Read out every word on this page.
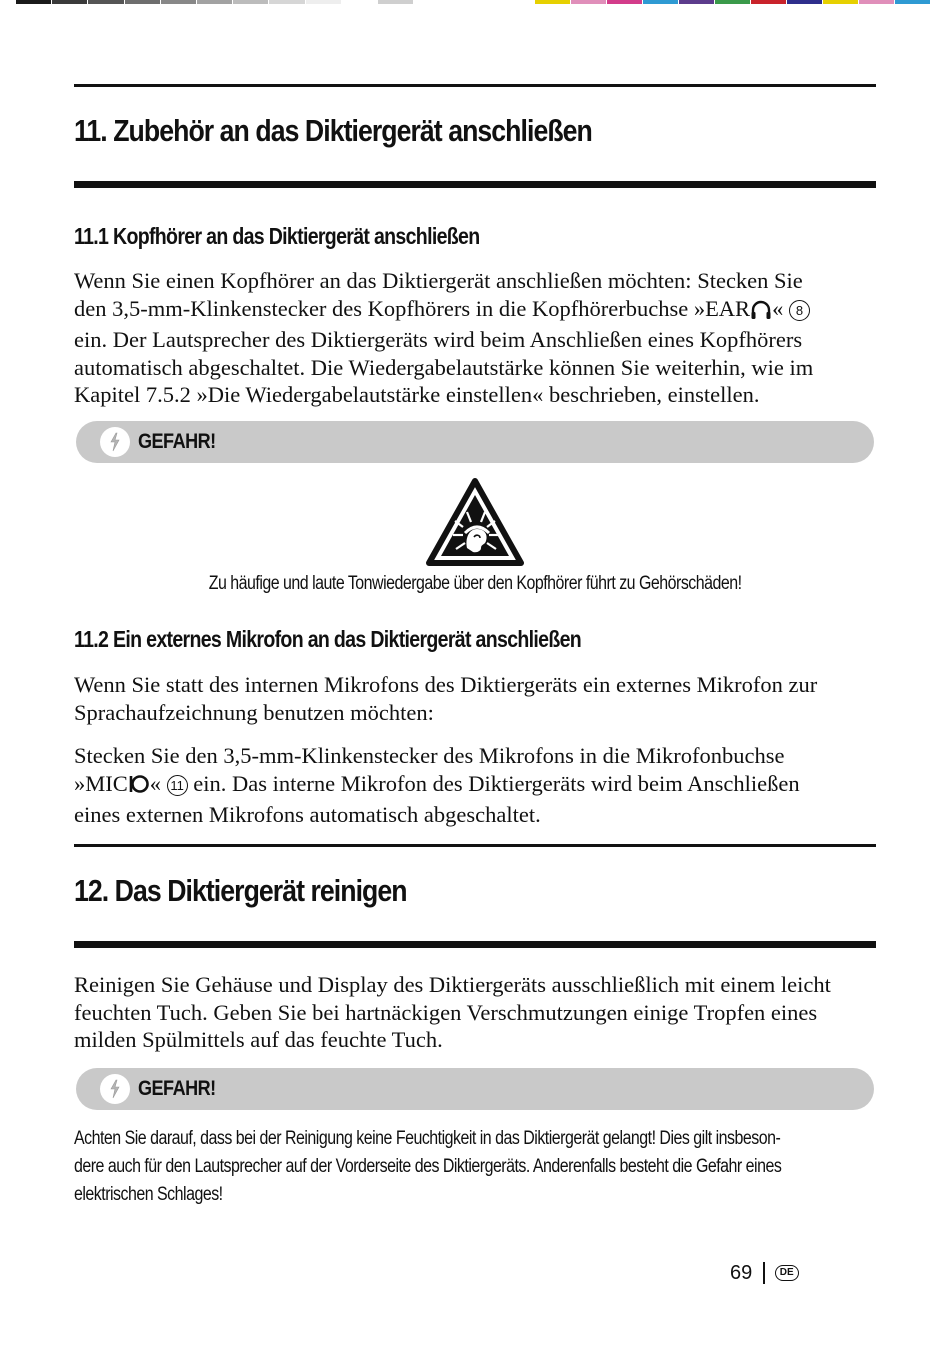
11. Zubehör an das Diktiergerät anschließen
11.1 Kopfhörer an das Diktiergerät anschließen

Wenn Sie einen Kopfhörer an das Diktiergerät anschließen möchten: Stecken Sie
den 3,5-mm-Klinkenstecker des Kopfhörers in die Kopfhörerbuchse »EAR « 8
ein. Der Lautsprecher des Diktiergeräts wird beim Anschließen eines Kopfhörers
automatisch abgeschaltet. Die Wiedergabelautstärke können Sie weiterhin, wie im
Kapitel 7.5.2 »Die Wiedergabelautstärke einstellen« beschrieben, einstellen.

GEFAHR!

Zu häufige und laute Tonwiedergabe über den Kopfhörer führt zu Gehörschäden!

11.2 Ein externes Mikrofon an das Diktiergerät anschließen

Wenn Sie statt des internen Mikrofons des Diktiergeräts ein externes Mikrofon zur
Sprachaufzeichnung benutzen möchten:

Stecken Sie den 3,5-mm-Klinkenstecker des Mikrofons in die Mikrofonbuchse
»MIC « 11 ein. Das interne Mikrofon des Diktiergeräts wird beim Anschließen
eines externen Mikrofons automatisch abgeschaltet.

12. Das Diktiergerät reinigen

Reinigen Sie Gehäuse und Display des Diktiergeräts ausschließlich mit einem leicht
feuchten Tuch. Geben Sie bei hartnäckigen Verschmutzungen einige Tropfen eines
milden Spülmittels auf das feuchte Tuch.

GEFAHR!

Achten Sie darauf, dass bei der Reinigung keine Feuchtigkeit in das Diktiergerät gelangt! Dies gilt insbeson-
dere auch für den Lautsprecher auf der Vorderseite des Diktiergeräts. Anderenfalls besteht die Gefahr eines
elektrischen Schlages!

69	DE
